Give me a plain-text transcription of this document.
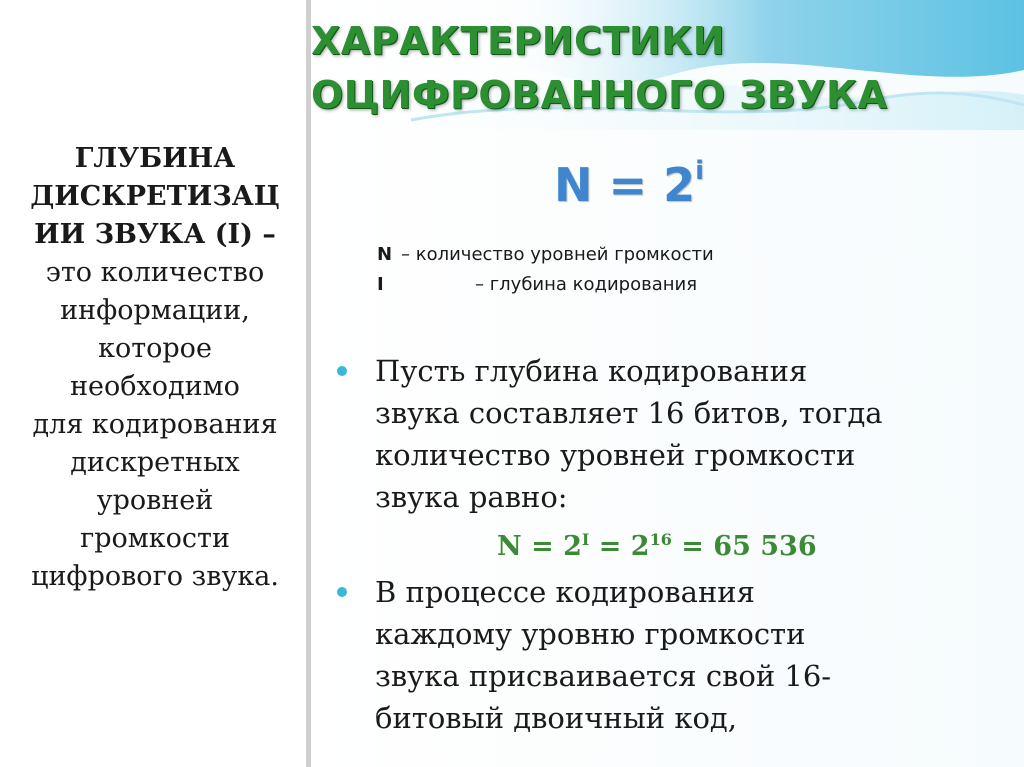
ГЛУБИНА
ДИСКРЕТИЗАЦ
ИИ ЗВУКА (I) –
это количество
информации,
которое
необходимо
для кодирования
дискретных
уровней
громкости
цифрового звука.
ХАРАКТЕРИСТИКИ
ОЦИФРОВАННОГО ЗВУКА
$N = 2^i$
N – количество уровней громкости
I	– глубина кодирования
Пусть глубина кодирования
звука составляет 16 битов, тогда
количество уровней громкости
звука равно:
$N = 2^I = 2^{16} = 65$ 536
В процессе кодирования
каждому уровню громкости
звука присваивается свой 16-
битовый двоичный код,
